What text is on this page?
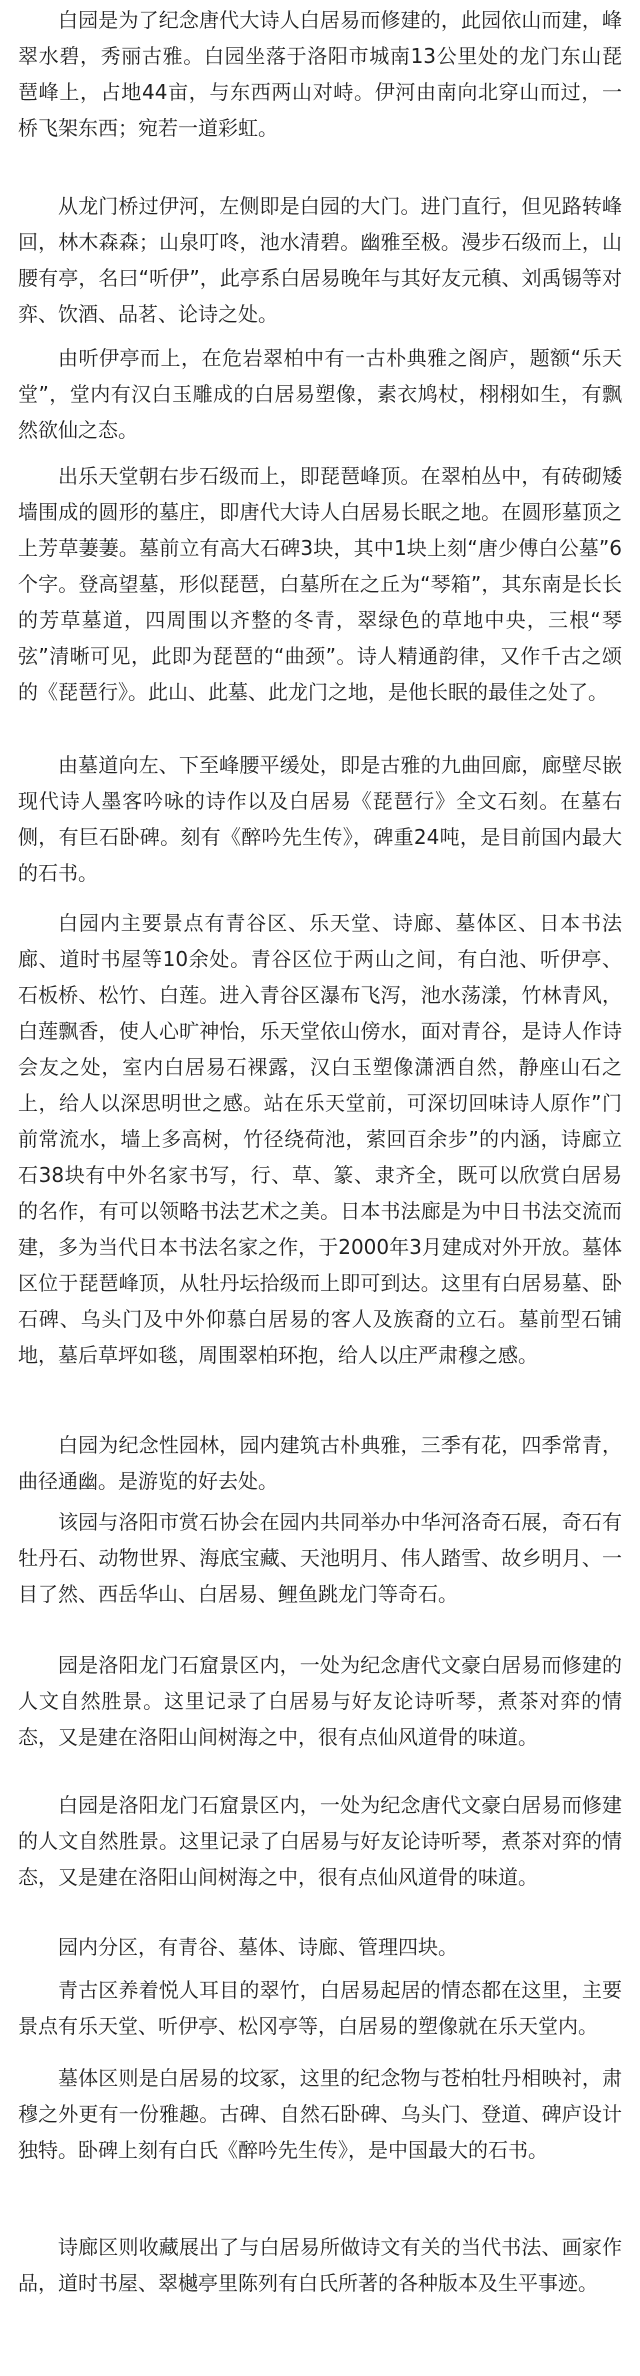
白园是为了纪念唐代大诗人白居易而修建的，此园依山而建，峰翠水碧，秀丽古雅。白园坐落于洛阳市城南13公里处的龙门东山琵琶峰上，占地44亩，与东西两山对峙。伊河由南向北穿山而过，一桥飞架东西；宛若一道彩虹。

从龙门桥过伊河，左侧即是白园的大门。进门直行，但见路转峰回，林木森森；山泉叮咚，池水清碧。幽雅至极。漫步石级而上，山腰有亭，名曰“听伊”，此亭系白居易晚年与其好友元稹、刘禹锡等对弈、饮酒、品茗、论诗之处。

由听伊亭而上，在危岩翠柏中有一古朴典雅之阁庐，题额“乐天堂”，堂内有汉白玉雕成的白居易塑像，素衣鸠杖，栩栩如生，有飘然欲仙之态。

出乐天堂朝右步石级而上，即琵琶峰顶。在翠柏丛中，有砖砌矮墙围成的圆形的墓庄，即唐代大诗人白居易长眠之地。在圆形墓顶之上芳草萋萋。墓前立有高大石碑3块，其中1块上刻“唐少傅白公墓”6个字。登高望墓，形似琵琶，白墓所在之丘为“琴箱”，其东南是长长的芳草墓道，四周围以齐整的冬青，翠绿色的草地中央，三根“琴弦”清晰可见，此即为琵琶的“曲颈”。诗人精通韵律，又作千古之颂的《琵琶行》。此山、此墓、此龙门之地，是他长眠的最佳之处了。

由墓道向左、下至峰腰平缓处，即是古雅的九曲回廊，廊壁尽嵌现代诗人墨客吟咏的诗作以及白居易《琵琶行》全文石刻。在墓右侧，有巨石卧碑。刻有《醉吟先生传》，碑重24吨，是目前国内最大的石书。

白园内主要景点有青谷区、乐天堂、诗廊、墓体区、日本书法廊、道时书屋等10余处。青谷区位于两山之间，有白池、听伊亭、石板桥、松竹、白莲。进入青谷区瀑布飞泻，池水荡漾，竹林青风，白莲飘香，使人心旷神怡，乐天堂依山傍水，面对青谷，是诗人作诗会友之处，室内白居易石裸露，汉白玉塑像潇洒自然，静座山石之上，给人以深思明世之感。站在乐天堂前，可深切回味诗人原作”门前常流水，墙上多高树，竹径绕荷池，萦回百余步”的内涵，诗廊立石38块有中外名家书写，行、草、篆、隶齐全，既可以欣赏白居易的名作，有可以领略书法艺术之美。日本书法廊是为中日书法交流而建，多为当代日本书法名家之作，于2000年3月建成对外开放。墓体区位于琵琶峰顶，从牡丹坛拾级而上即可到达。这里有白居易墓、卧石碑、乌头门及中外仰慕白居易的客人及族裔的立石。墓前型石铺地，墓后草坪如毯，周围翠柏环抱，给人以庄严肃穆之感。

白园为纪念性园林，园内建筑古朴典雅，三季有花，四季常青，曲径通幽。是游览的好去处。

该园与洛阳市赏石协会在园内共同举办中华河洛奇石展，奇石有牡丹石、动物世界、海底宝藏、天池明月、伟人踏雪、故乡明月、一目了然、西岳华山、白居易、鲤鱼跳龙门等奇石。

园是洛阳龙门石窟景区内，一处为纪念唐代文豪白居易而修建的人文自然胜景。这里记录了白居易与好友论诗听琴，煮茶对弈的情态，又是建在洛阳山间树海之中，很有点仙风道骨的味道。

白园是洛阳龙门石窟景区内，一处为纪念唐代文豪白居易而修建的人文自然胜景。这里记录了白居易与好友论诗听琴，煮茶对弈的情态，又是建在洛阳山间树海之中，很有点仙风道骨的味道。

园内分区，有青谷、墓体、诗廊、管理四块。

青古区养着悦人耳目的翠竹，白居易起居的情态都在这里，主要景点有乐天堂、听伊亭、松冈亭等，白居易的塑像就在乐天堂内。

墓体区则是白居易的坟冢，这里的纪念物与苍柏牡丹相映衬，肃穆之外更有一份雅趣。古碑、自然石卧碑、乌头门、登道、碑庐设计独特。卧碑上刻有白氏《醉吟先生传》，是中国最大的石书。

诗廊区则收藏展出了与白居易所做诗文有关的当代书法、画家作品，道时书屋、翠樾亭里陈列有白氏所著的各种版本及生平事迹。
